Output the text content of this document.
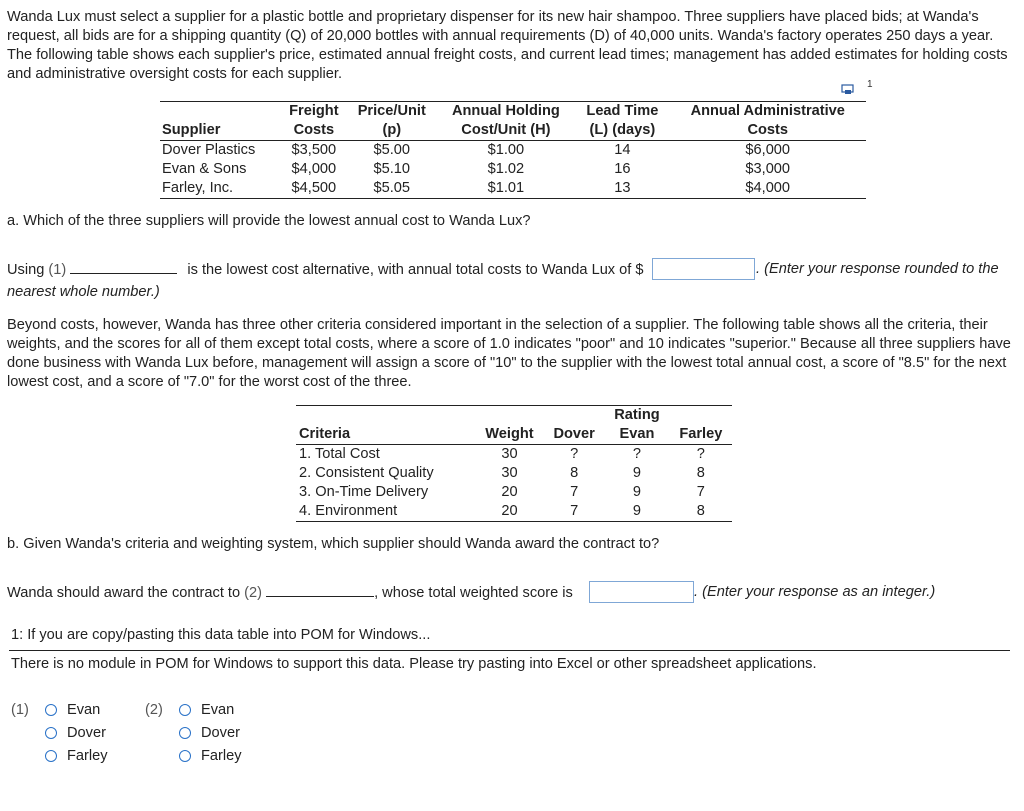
Wanda Lux must select a supplier for a plastic bottle and proprietary dispenser for its new hair shampoo. Three suppliers have placed bids; at Wanda's request, all bids are for a shipping quantity (Q) of 20,000 bottles with annual requirements (D) of 40,000 units. Wanda's factory operates 250 days a year. The following table shows each supplier's price, estimated annual freight costs, and current lead times; management has added estimates for holding costs and administrative oversight costs for each supplier.

1
	Freight	Price/Unit	Annual Holding	Lead Time	Annual Administrative
Supplier	Costs	(p)	Cost/Unit (H)	(L) (days)	Costs
Dover Plastics	$3,500	$5.00	$1.00	14	$6,000
Evan & Sons	$4,000	$5.10	$1.02	16	$3,000
Farley, Inc.	$4,500	$5.05	$1.01	13	$4,000
a. Which of the three suppliers will provide the lowest annual cost to Wanda Lux?
Using (1)	is the lowest cost alternative, with annual total costs to Wanda Lux of $	. (Enter your response rounded to the
nearest whole number.)

Beyond costs, however, Wanda has three other criteria considered important in the selection of a supplier. The following table shows all the criteria, their weights, and the scores for all of them except total costs, where a score of 1.0 indicates "poor" and 10 indicates "superior." Because all three suppliers have done business with Wanda Lux before, management will assign a score of "10" to the supplier with the lowest total annual cost, a score of "8.5" for the next lowest cost, and a score of "7.0" for the worst cost of the three.

			Rating	
Criteria	Weight	Dover	Evan	Farley
1. Total Cost	30	?	?	?
2. Consistent Quality	30	8	9	8
3. On-Time Delivery	20	7	9	7
4. Environment	20	7	9	8
b. Given Wanda's criteria and weighting system, which supplier should Wanda award the contract to?
Wanda should award the contract to (2)	, whose total weighted score is	. (Enter your response as an integer.)
1: If you are copy/pasting this data table into POM for Windows...
There is no module in POM for Windows to support this data. Please try pasting into Excel or other spreadsheet applications.
(1)	Evan
Dover
Farley
(2)	Evan
Dover
Farley
